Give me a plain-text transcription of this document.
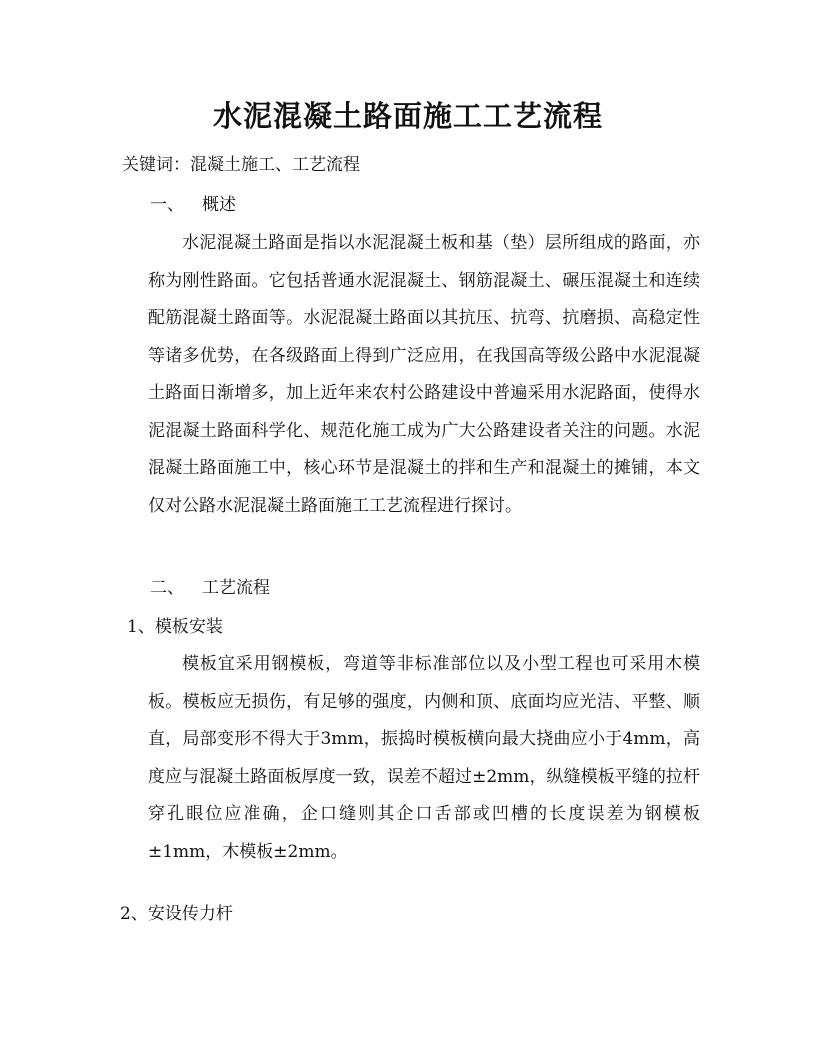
水泥混凝土路面施工工艺流程
关键词：混凝土施工、工艺流程
一、 概述

水泥混凝土路面是指以水泥混凝土板和基（垫）层所组成的路面，亦称为刚性路面。它包括普通水泥混凝土、钢筋混凝土、碾压混凝土和连续配筋混凝土路面等。水泥混凝土路面以其抗压、抗弯、抗磨损、高稳定性等诸多优势，在各级路面上得到广泛应用，在我国高等级公路中水泥混凝土路面日渐增多，加上近年来农村公路建设中普遍采用水泥路面，使得水泥混凝土路面科学化、规范化施工成为广大公路建设者关注的问题。水泥混凝土路面施工中，核心环节是混凝土的拌和生产和混凝土的摊铺，本文仅对公路水泥混凝土路面施工工艺流程进行探讨。

二、 工艺流程
1、模板安装

模板宜采用钢模板，弯道等非标准部位以及小型工程也可采用木模板。模板应无损伤，有足够的强度，内侧和顶、底面均应光洁、平整、顺直，局部变形不得大于3mm，振捣时模板横向最大挠曲应小于4mm，高度应与混凝土路面板厚度一致，误差不超过±2mm，纵缝模板平缝的拉杆穿孔眼位应准确，企口缝则其企口舌部或凹槽的长度误差为钢模板±1mm，木模板±2mm。

2、安设传力杆
